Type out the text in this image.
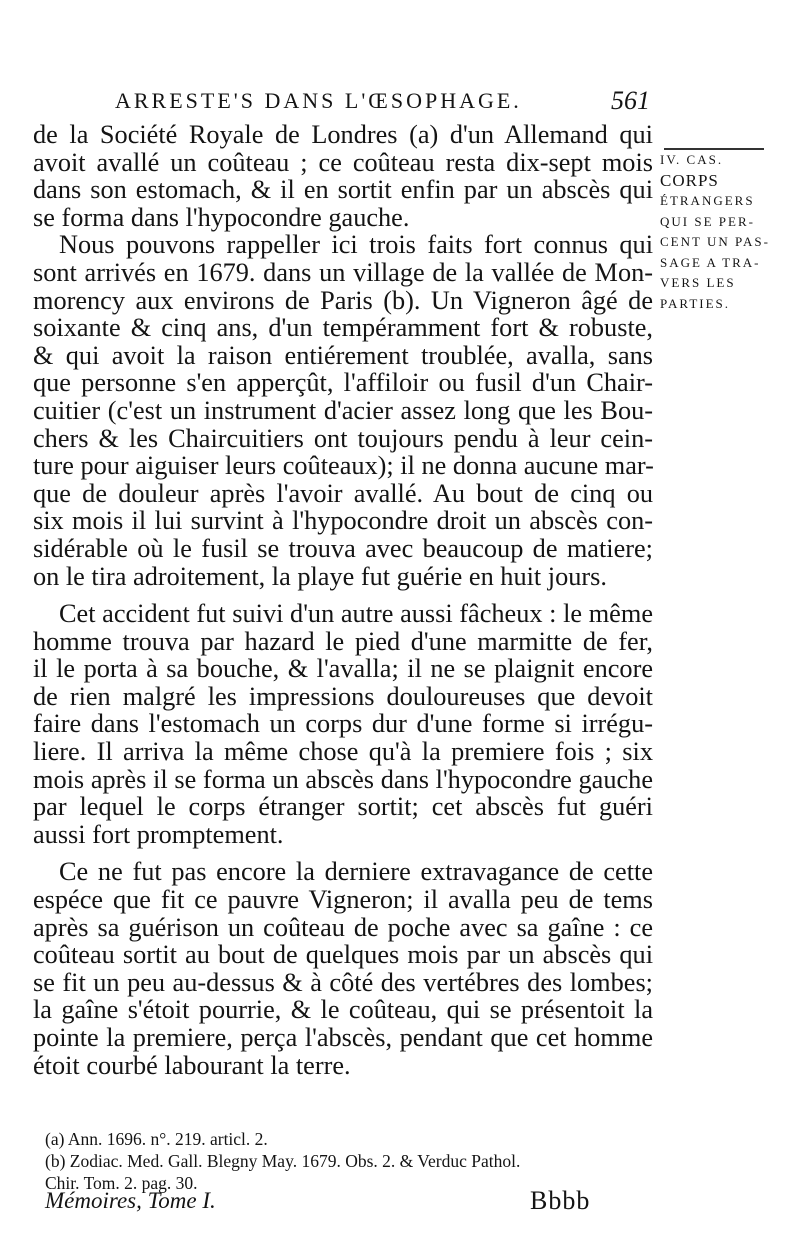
ARRESTE'S DANS L'ŒSOPHAGE.	561
IV. CAS.
CORPS
ÉTRANGERS
QUI SE PER-
CENT UN PAS-
SAGE A TRA-
VERS LES
PARTIES.
de la Société Royale de Londres (a) d'un Allemand qui
avoit avallé un coûteau ; ce coûteau resta dix-sept mois
dans son estomach, & il en sortit enfin par un abscès qui
se forma dans l'hypocondre gauche.
Nous pouvons rappeller ici trois faits fort connus qui
sont arrivés en 1679. dans un village de la vallée de Mon-
morency aux environs de Paris (b). Un Vigneron âgé de
soixante & cinq ans, d'un tempéramment fort & robuste,
& qui avoit la raison entiérement troublée, avalla, sans
que personne s'en apperçût, l'affiloir ou fusil d'un Chair-
cuitier (c'est un instrument d'acier assez long que les Bou-
chers & les Chaircuitiers ont toujours pendu à leur cein-
ture pour aiguiser leurs coûteaux); il ne donna aucune mar-
que de douleur après l'avoir avallé. Au bout de cinq ou
six mois il lui survint à l'hypocondre droit un abscès con-
sidérable où le fusil se trouva avec beaucoup de matiere;
on le tira adroitement, la playe fut guérie en huit jours.
Cet accident fut suivi d'un autre aussi fâcheux : le même
homme trouva par hazard le pied d'une marmitte de fer,
il le porta à sa bouche, & l'avalla; il ne se plaignit encore
de rien malgré les impressions douloureuses que devoit
faire dans l'estomach un corps dur d'une forme si irrégu-
liere. Il arriva la même chose qu'à la premiere fois ; six
mois après il se forma un abscès dans l'hypocondre gauche
par lequel le corps étranger sortit; cet abscès fut guéri
aussi fort promptement.
Ce ne fut pas encore la derniere extravagance de cette
espéce que fit ce pauvre Vigneron; il avalla peu de tems
après sa guérison un coûteau de poche avec sa gaîne : ce
coûteau sortit au bout de quelques mois par un abscès qui
se fit un peu au-dessus & à côté des vertébres des lombes;
la gaîne s'étoit pourrie, & le coûteau, qui se présentoit la
pointe la premiere, perça l'abscès, pendant que cet homme
étoit courbé labourant la terre.
(a) Ann. 1696. n°. 219. articl. 2.
(b) Zodiac. Med. Gall. Blegny May. 1679. Obs. 2. & Verduc Pathol.
Chir. Tom. 2. pag. 30.
Mémoires, Tome I.	Bbbb
